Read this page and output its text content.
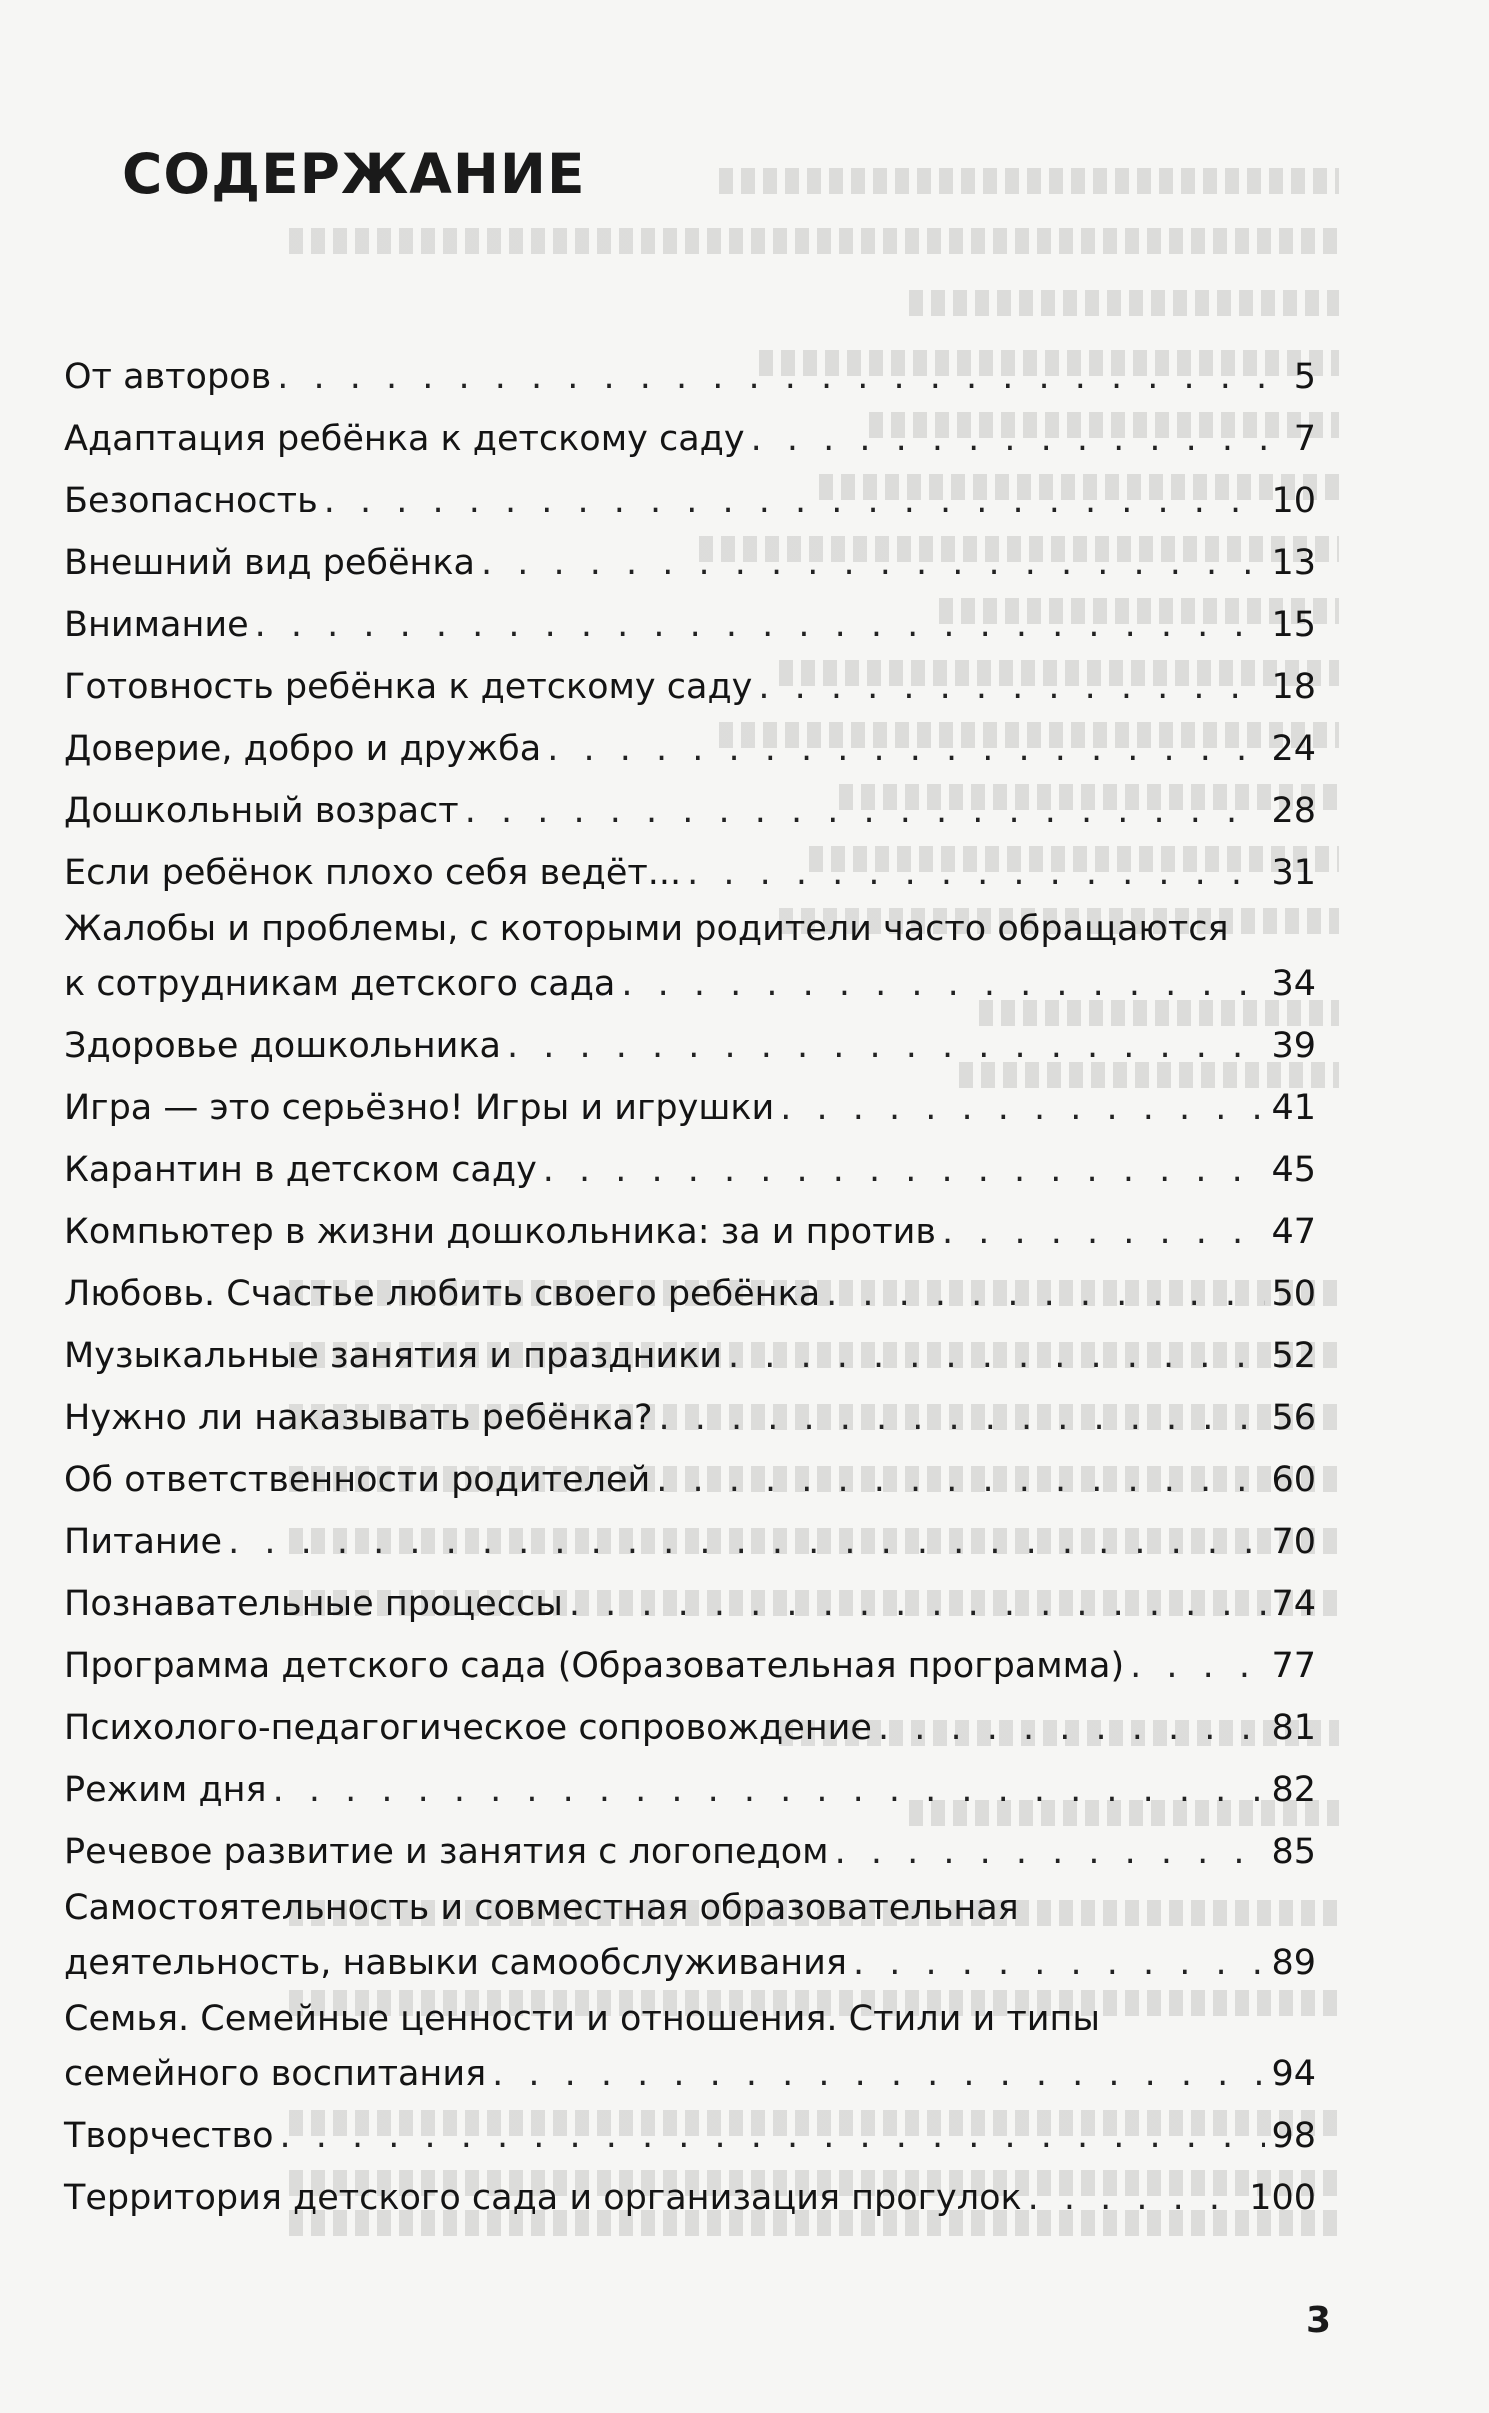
СОДЕРЖАНИЕ
От авторов . . .	5
Адаптация ребёнка к детскому саду . . .	7
Безопасность . . .	10
Внешний вид ребёнка . . .	13
Внимание . . .	15
Готовность ребёнка к детскому саду . . .	18
Доверие, добро и дружба . . .	24
Дошкольный возраст . . .	28
Если ребёнок плохо себя ведёт... . . .	31
Жалобы и проблемы, с которыми родители часто обращаются
к сотрудникам детского сада . . .	34
Здоровье дошкольника . . .	39
Игра — это серьёзно! Игры и игрушки . . .	41
Карантин в детском саду . . .	45
Компьютер в жизни дошкольника: за и против . . .	47
Любовь. Счастье любить своего ребёнка . . .	50
Музыкальные занятия и праздники . . .	52
Нужно ли наказывать ребёнка? . . .	56
Об ответственности родителей . . .	60
Питание . . .	70
Познавательные процессы . . .	74
Программа детского сада (Образовательная программа) . . .	77
Психолого-педагогическое сопровождение . . .	81
Режим дня . . .	82
Речевое развитие и занятия с логопедом . . .	85
Самостоятельность и совместная образовательная
деятельность, навыки самообслуживания . . .	89
Семья. Семейные ценности и отношения. Стили и типы
семейного воспитания . . .	94
Творчество . . .	98
Территория детского сада и организация прогулок . . .	100
3
